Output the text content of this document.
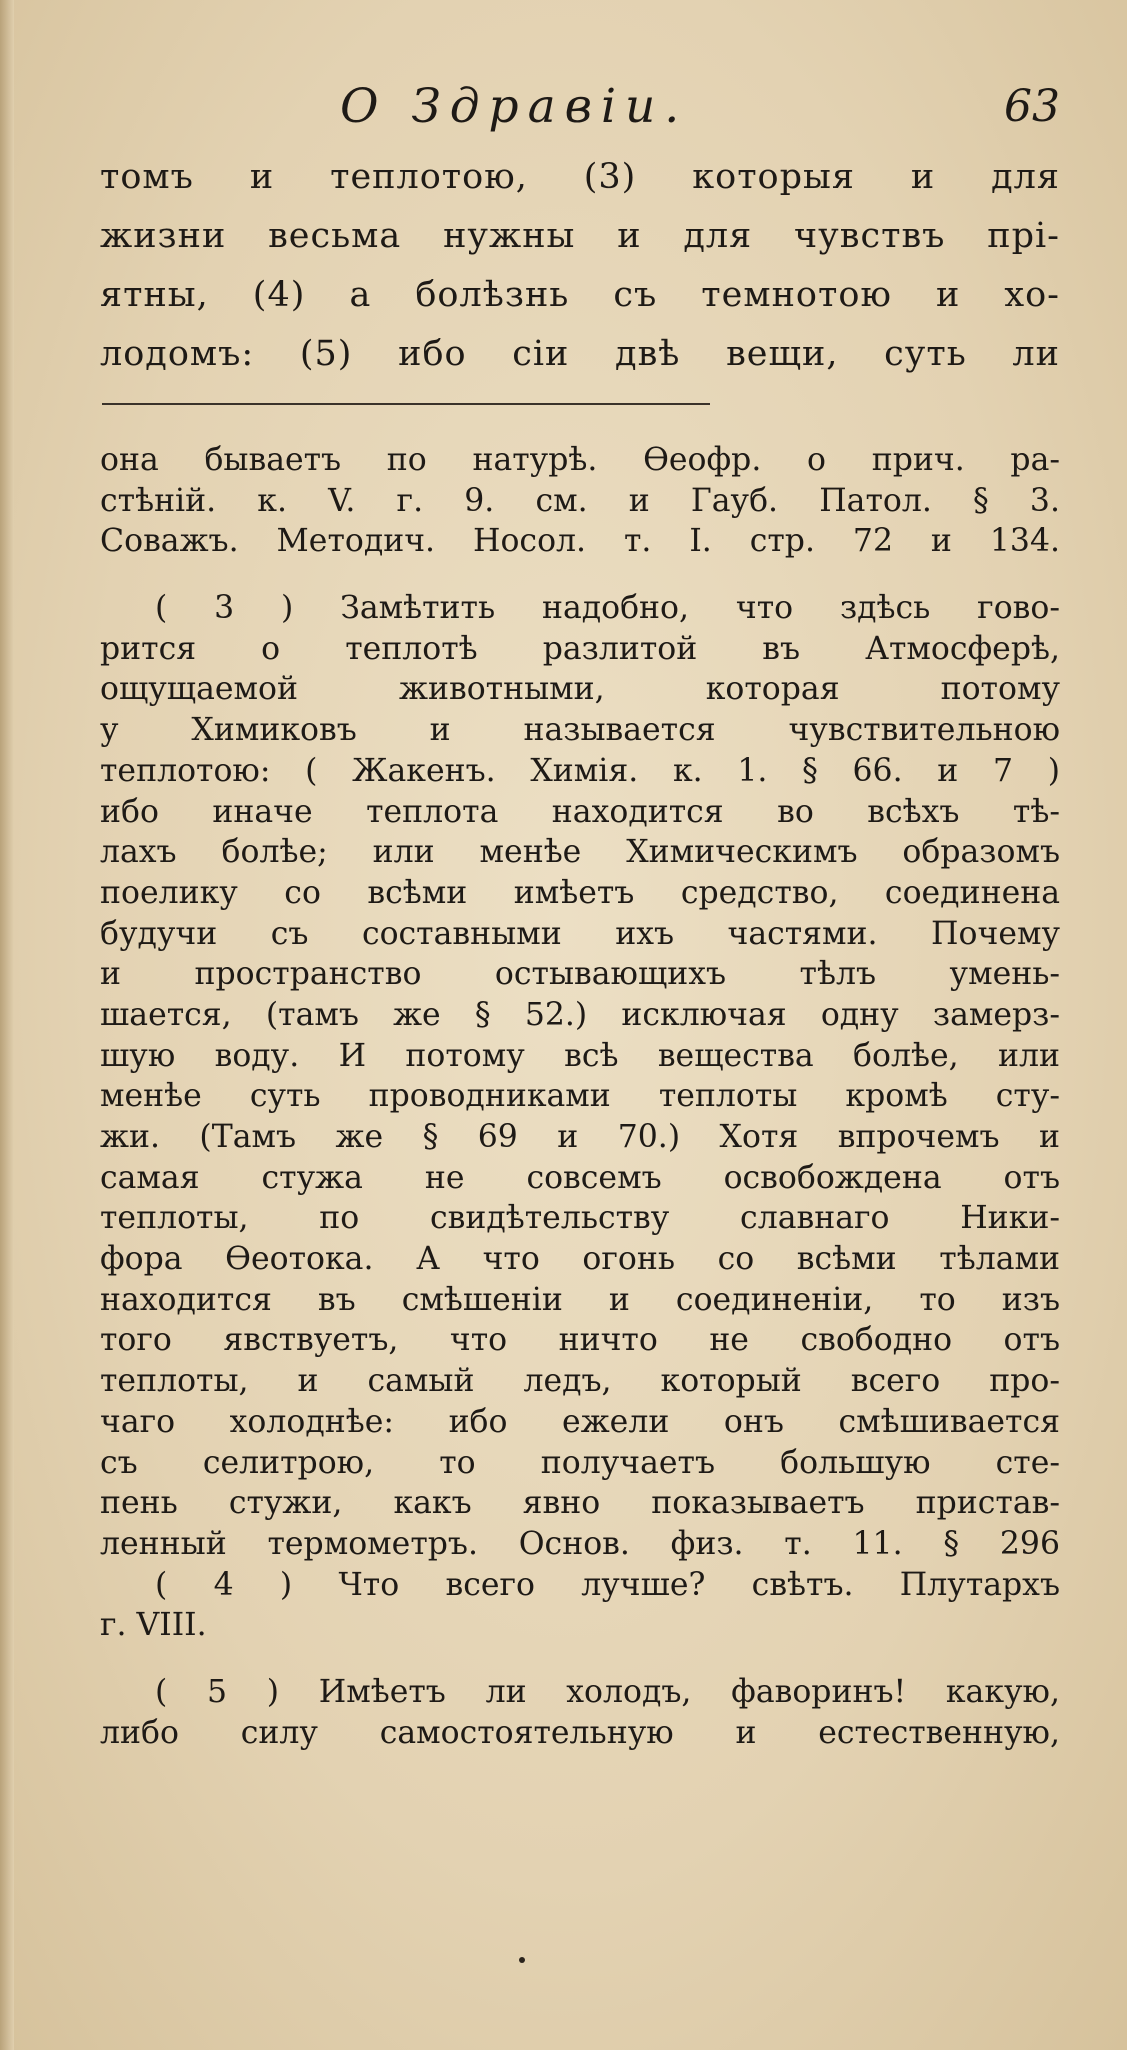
О Здравіи.	63
томъ и теплотою, (3) которыя и для
жизни весьма нужны и для чувствъ прі-
ятны, (4) а болѣзнь съ темнотою и хо-
лодомъ: (5) ибо сіи двѣ вещи, суть ли
она бываетъ по натурѣ. Ѳеофр. о прич. ра-
стѣній. к. V. г. 9. см. и Гауб. Патол. § 3.
Соважъ. Методич. Носол. т. I. стр. 72 и 134.
( 3 ) Замѣтить надобно, что здѣсь гово-
рится о теплотѣ разлитой въ Атмосферѣ,
ощущаемой животными, которая потому
у Химиковъ и называется чувствительною
теплотою: ( Жакенъ. Химія. к. 1. § 66. и 7 )
ибо иначе теплота находится во всѣхъ тѣ-
лахъ болѣе; или менѣе Химическимъ образомъ
поелику со всѣми имѣетъ средство, соединена
будучи съ составными ихъ частями. Почему
и пространство остывающихъ тѣлъ умень-
шается, (тамъ же § 52.) исключая одну замерз-
шую воду. И потому всѣ вещества болѣе, или
менѣе суть проводниками теплоты кромѣ сту-
жи. (Тамъ же § 69 и 70.) Хотя впрочемъ и
самая стужа не совсемъ освобождена отъ
теплоты, по свидѣтельству славнаго Ники-
фора Ѳеотока. А что огонь со всѣми тѣлами
находится въ смѣшеніи и соединеніи, то изъ
того явствуетъ, что ничто не свободно отъ
теплоты, и самый ледъ, который всего про-
чаго холоднѣе: ибо ежели онъ смѣшивается
съ селитрою, то получаетъ большую сте-
пень стужи, какъ явно показываетъ пристав-
ленный термометръ. Основ. физ. т. 11. § 296
( 4 ) Что всего лучше? свѣтъ. Плутархъ
г. VIII.
( 5 ) Имѣетъ ли холодъ, фаворинъ! какую,
либо силу самостоятельную и естественную,
